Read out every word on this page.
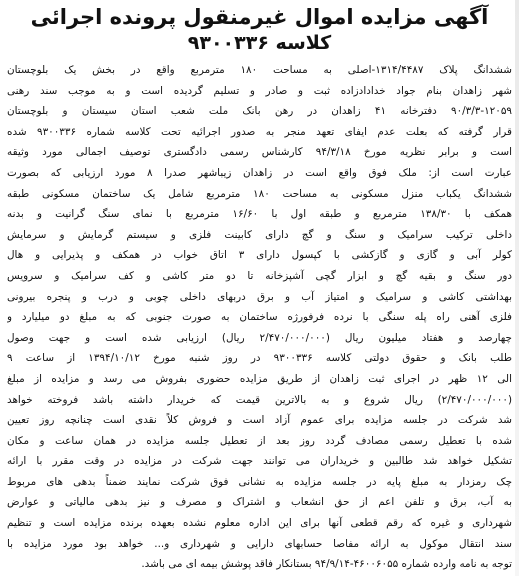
آگهی مزایده اموال غیرمنقول پرونده اجرائی
کلاسه ۹۳۰۰۳۳۶
ششدانگ پلاک ۱۳۱۴/۴۴۸۷-اصلی به مساحت ۱۸۰ مترمربع واقع در بخش یک بلوچستان
شهر زاهدان بنام جواد خدادادزاده ثبت و صادر و تسلیم گردیده است و به موجب سند رهنی
۹۰/۳/۳-۱۲۰۵۹ دفترخانه ۴۱ زاهدان در رهن بانک ملت شعب استان سیستان و بلوچستان
قرار گرفته که بعلت عدم ایفای تعهد منجر به صدور اجرائیه تحت کلاسه شماره ۹۳۰۰۳۳۶ شده
است و برابر نظریه مورخ ۹۴/۳/۱۸ کارشناس رسمی دادگستری توصیف اجمالی مورد وثیقه
عبارت است از: ملک فوق واقع است در زاهدان زیباشهر صدرا ۸ مورد ارزیابی که بصورت
ششدانگ یکباب منزل مسکونی به مساحت ۱۸۰ مترمربع شامل یک ساختمان مسکونی طبقه
همکف با ۱۳۸/۳۰ مترمربع و طبقه اول با ۱۶/۶۰ مترمربع با نمای سنگ گرانیت و بدنه
داخلی ترکیب سرامیک و سنگ و گچ دارای کابینت فلزی و سیستم گرمایش و سرمایش
کولر آبی و گازی و گازکشی با کپسول دارای ۳ اتاق خواب در همکف و پذیرایی و هال
دور سنگ و بقیه گچ و ابزار گچی آشپزخانه تا دو متر کاشی و کف سرامیک و سرویس
بهداشتی کاشی و سرامیک و امتیاز آب و برق دربهای داخلی چوبی و درب و پنجره بیرونی
فلزی آهنی راه پله سنگی با نرده فرفورژه ساختمان به صورت جنوبی که به مبلغ دو میلیارد و
چهارصد و هفتاد میلیون ریال (۲/۴۷۰/۰۰۰/۰۰۰ ریال) ارزیابی شده است و جهت وصول
طلب بانک و حقوق دولتی کلاسه ۹۳۰۰۳۳۶ در روز شنبه مورخ ۱۳۹۴/۱۰/۱۲ از ساعت ۹
الی ۱۲ ظهر در اجرای ثبت زاهدان از طریق مزایده حضوری بفروش می رسد و مزایده از مبلغ
(۲/۴۷۰/۰۰۰/۰۰۰) ریال شروع و به بالاترین قیمت که خریدار داشته باشد فروخته خواهد
شد شرکت در جلسه مزایده برای عموم آزاد است و فروش کلاً نقدی است چنانچه روز تعیین
شده با تعطیل رسمی مصادف گردد روز بعد از تعطیل جلسه مزایده در همان ساعت و مکان
تشکیل خواهد شد طالبین و خریداران می توانند جهت شرکت در مزایده در وقت مقرر با ارائه
چک رمزدار به مبلغ پایه در جلسه مزایده به نشانی فوق شرکت نمایند ضمناً بدهی های مربوط
به آب، برق و تلفن اعم از حق انشعاب و اشتراک و مصرف و نیز بدهی مالیاتی و عوارض
شهرداری و غیره که رقم قطعی آنها برای این اداره معلوم نشده بعهده برنده مزایده است و تنظیم
سند انتقال موکول به ارائه مفاصا حسابهای دارایی و شهرداری و... خواهد بود مورد مزایده با
توجه به نامه وارده شماره ۴۶۰۰۶۰۵۵-۹۴/۹/۱۴ بستانکار فاقد پوشش بیمه ای می باشد.
